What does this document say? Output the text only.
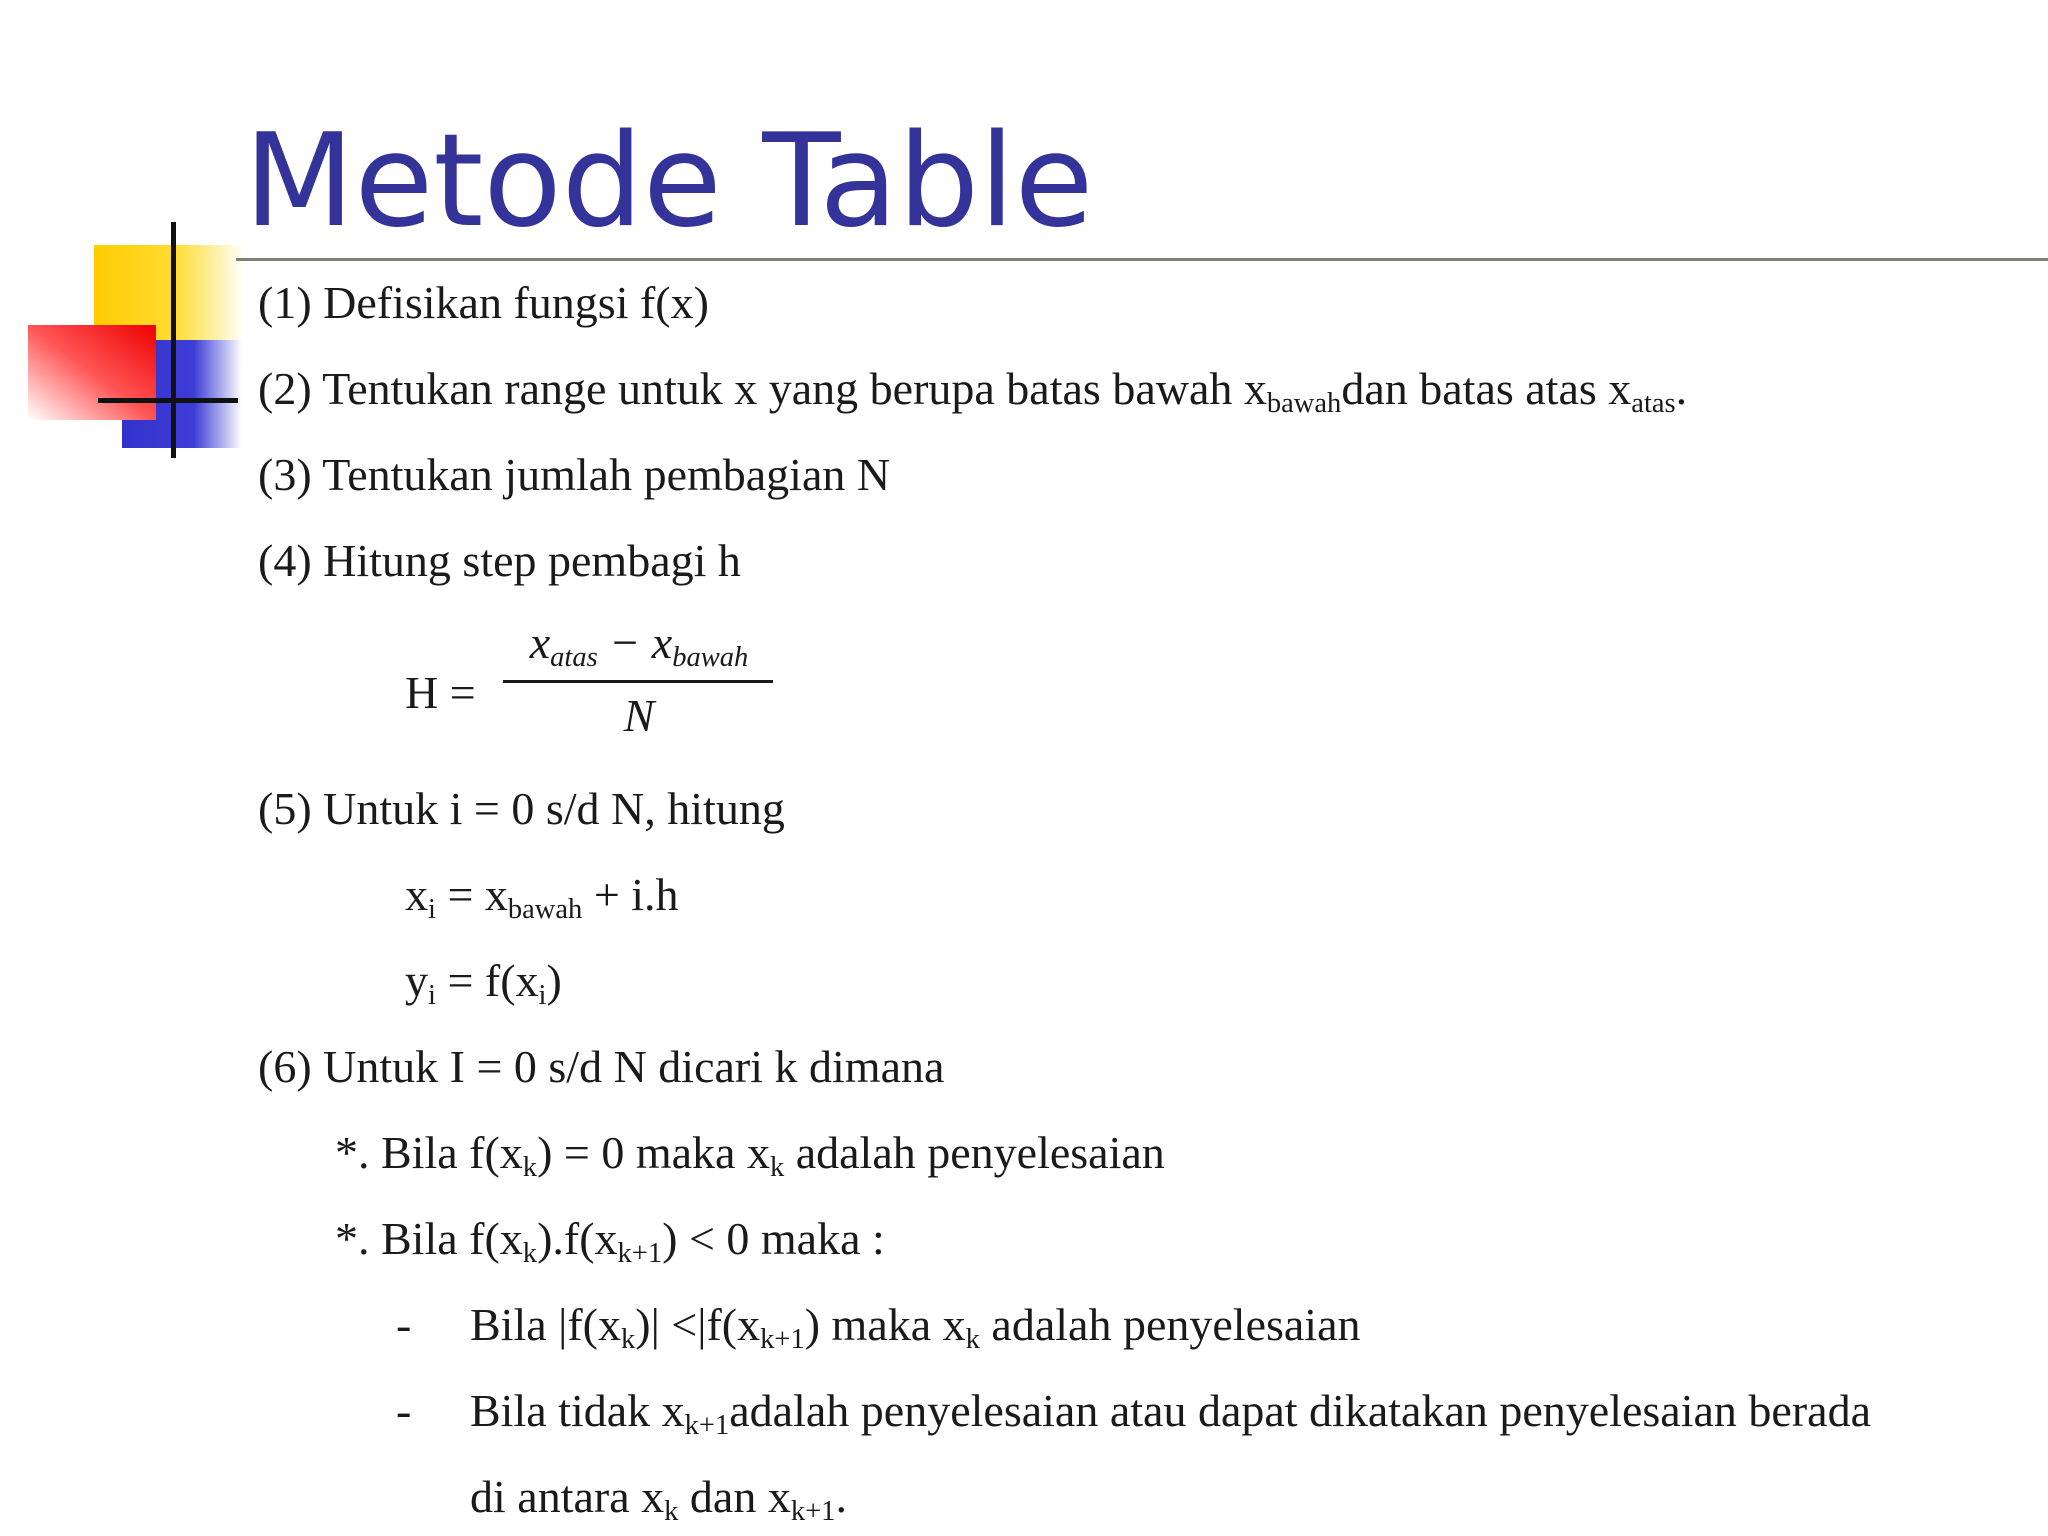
Metode Table
(1) Defisikan fungsi f(x)
(2) Tentukan range untuk x yang berupa batas bawah $x_{bawah}dan$ batas atas $x_{atas}$.
(3) Tentukan jumlah pembagian N
(4) Hitung step pembagi h
H =
$x_{atas} - x_{bawah}$
N
(5) Untuk i = 0 s/d N, hitung
$x_i = x_{bawah} + i.h$
$y_i = f(x_i)$
(6) Untuk I = 0 s/d N dicari k dimana
*. Bila $f(x_k) = 0$ maka $x_k$ adalah penyelesaian
*. Bila $f(x_k).f(x_{k+1}) < 0$ maka :
- Bila $|f(x_k)| <|f(x_{k+1})$ maka $x_k$ adalah penyelesaian
- Bila tidak $x_{k+1}adalah$ penyelesaian atau dapat dikatakan penyelesaian berada
di antara $x_k$ dan $x_{k+1}$.
